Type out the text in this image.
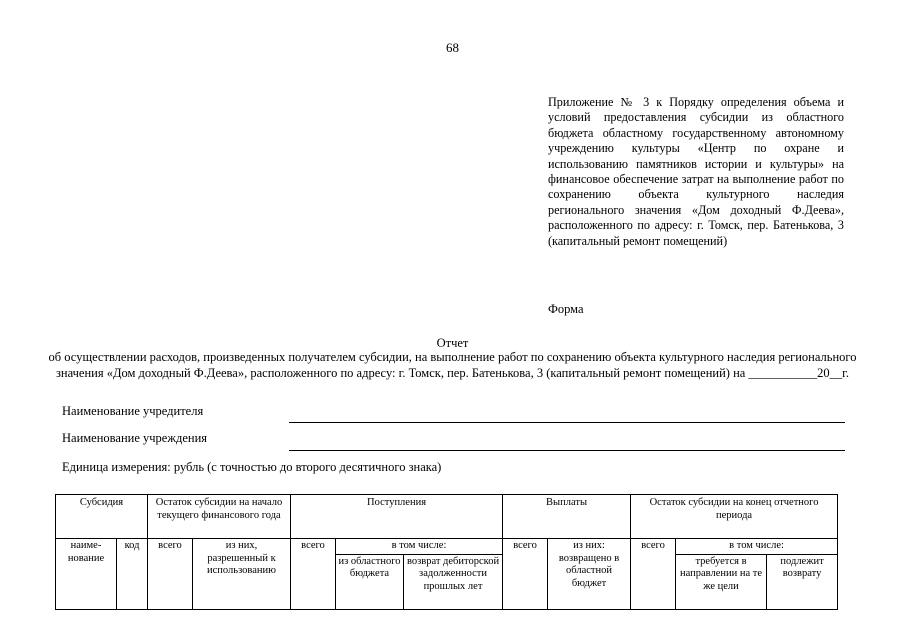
68
Приложение № 3 к Порядку определения объема и условий предоставления субсидии из областного бюджета областному государственному автономному учреждению культуры «Центр по охране и использованию памятников истории и культуры» на финансовое обеспечение затрат на выполнение работ по сохранению объекта культурного наследия регионального значения «Дом доходный Ф.Деева», расположенного по адресу: г. Томск, пер. Батенькова, 3 (капитальный ремонт помещений)
Форма
Отчет
об осуществлении расходов, произведенных получателем субсидии, на выполнение работ по сохранению объекта культурного наследия регионального значения «Дом доходный Ф.Деева», расположенного по адресу: г. Томск, пер. Батенькова, 3 (капитальный ремонт помещений) на ___________20__г.
Наименование учредителя
Наименование учреждения
Единица измерения: рубль (с точностью до второго десятичного знака)
Субсидия		Остаток субсидии на начало текущего финансового года		Поступления			Выплаты		Остаток субсидии на конец отчетного периода		
наиме-нование	код	всего	из них, разрешенный к использованию	всего	в том числе:		всего	из них: возвращено в областной бюджет	всего	в том числе:	
					из областного бюджета	возврат дебиторской задолженности прошлых лет				требуется в направлении на те же цели	подлежит возврату
